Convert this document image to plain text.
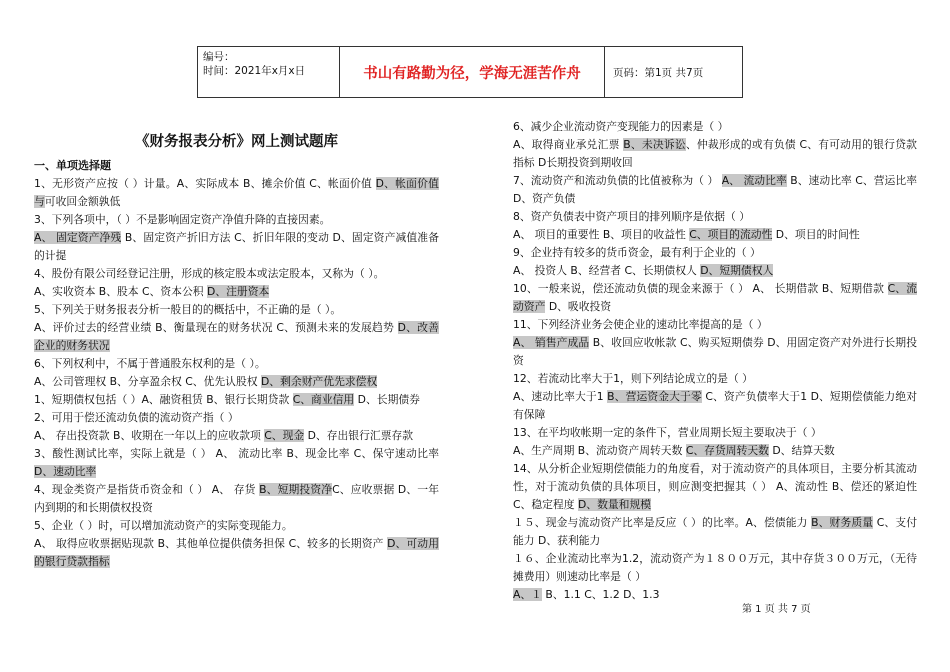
编号：
时间：2021年x月x日	书山有路勤为径，学海无涯苦作舟	页码：第1页 共7页
《财务报表分析》网上测试题库
一、单项选择题
1、无形资产应按（ ）计量。A、实际成本 B、摊余价值 C、帐面价值 D、帐面价值与可收回金额孰低
3、下列各项中，（ ）不是影响固定资产净值升降的直接因素。
A、 固定资产净残 B、固定资产折旧方法 C、折旧年限的变动 D、固定资产减值准备的计提
4、股份有限公司经登记注册，形成的核定股本或法定股本，又称为（ ）。
A、实收资本 B、股本 C、资本公积 D、注册资本
5、下列关于财务报表分析一般目的的概括中，不正确的是（ ）。
A、评价过去的经营业绩 B、衡量现在的财务状况 C、预测未来的发展趋势 D、改善企业的财务状况
6、下列权利中，不属于普通股东权利的是（ ）。
A、公司管理权 B、分享盈余权 C、优先认股权 D、剩余财产优先求偿权
1、短期债权包括（ ）A、融资租赁 B、银行长期贷款 C、商业信用 D、长期债券
2、可用于偿还流动负债的流动资产指（ ）
A、 存出投资款 B、收期在一年以上的应收款项 C、现金 D、存出银行汇票存款
3、酸性测试比率，实际上就是（ ） A、 流动比率 B、现金比率 C、保守速动比率 D、速动比率
4、现金类资产是指货币资金和（ ） A、 存货 B、短期投资净C、应收票据 D、一年内到期的和长期债权投资
5、企业（ ）时，可以增加流动资产的实际变现能力。
A、 取得应收票据贴现款 B、其他单位提供债务担保 C、较多的长期资产 D、可动用的银行贷款指标
6、减少企业流动资产变现能力的因素是（ ）
A、取得商业承兑汇票 B、未决诉讼、仲裁形成的或有负债 C、有可动用的银行贷款指标 D长期投资到期收回
7、流动资产和流动负债的比值被称为（ ） A、 流动比率 B、速动比率 C、营运比率 D、资产负债
8、资产负债表中资产项目的排列顺序是依据（ ）
A、 项目的重要性 B、项目的收益性 C、项目的流动性 D、项目的时间性
9、企业持有较多的货币资金，最有利于企业的（ ）
A、 投资人 B、经营者 C、长期债权人 D、短期债权人
10、一般来说，偿还流动负债的现金来源于（ ） A、 长期借款 B、短期借款 C、流动资产 D、吸收投资
11、下列经济业务会使企业的速动比率提高的是（ ）
A、 销售产成品 B、收回应收帐款 C、购买短期债券 D、用固定资产对外进行长期投资
12、若流动比率大于1，则下列结论成立的是（ ）
A、速动比率大于1 B、营运资金大于零 C、资产负债率大于1 D、短期偿债能力绝对有保障
13、在平均收帐期一定的条件下，营业周期长短主要取决于（ ）
A、生产周期 B、流动资产周转天数 C、存货周转天数 D、结算天数
14、从分析企业短期偿债能力的角度看，对于流动资产的具体项目，主要分析其流动性，对于流动负债的具体项目，则应测变把握其（ ） A、流动性 B、偿还的紧迫性 C、稳定程度 D、数量和规模
１５、现金与流动资产比率是反应（ ）的比率。A、偿债能力 B、财务质量 C、支付能力 D、获利能力
１６、企业流动比率为1.2，流动资产为１８００万元，其中存货３００万元，（无待摊费用）则速动比率是（ ）
A、１ B、1.1 C、1.2 D、1.3
第 1 页 共 7 页
